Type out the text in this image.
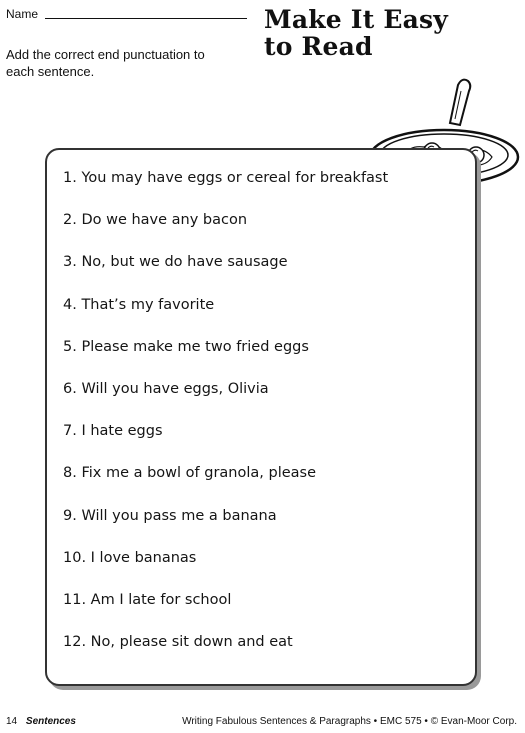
Name	Make It Easy
to Read

Add the correct end punctuation to each sentence.

1. You may have eggs or cereal for breakfast
2. Do we have any bacon
3. No, but we do have sausage
4. That’s my favorite
5. Please make me two fried eggs
6. Will you have eggs, Olivia
7. I hate eggs
8. Fix me a bowl of granola, please
9. Will you pass me a banana
10. I love bananas
11. Am I late for school
12. No, please sit down and eat
14 Sentences	Writing Fabulous Sentences & Paragraphs • EMC 575 • © Evan-Moor Corp.
